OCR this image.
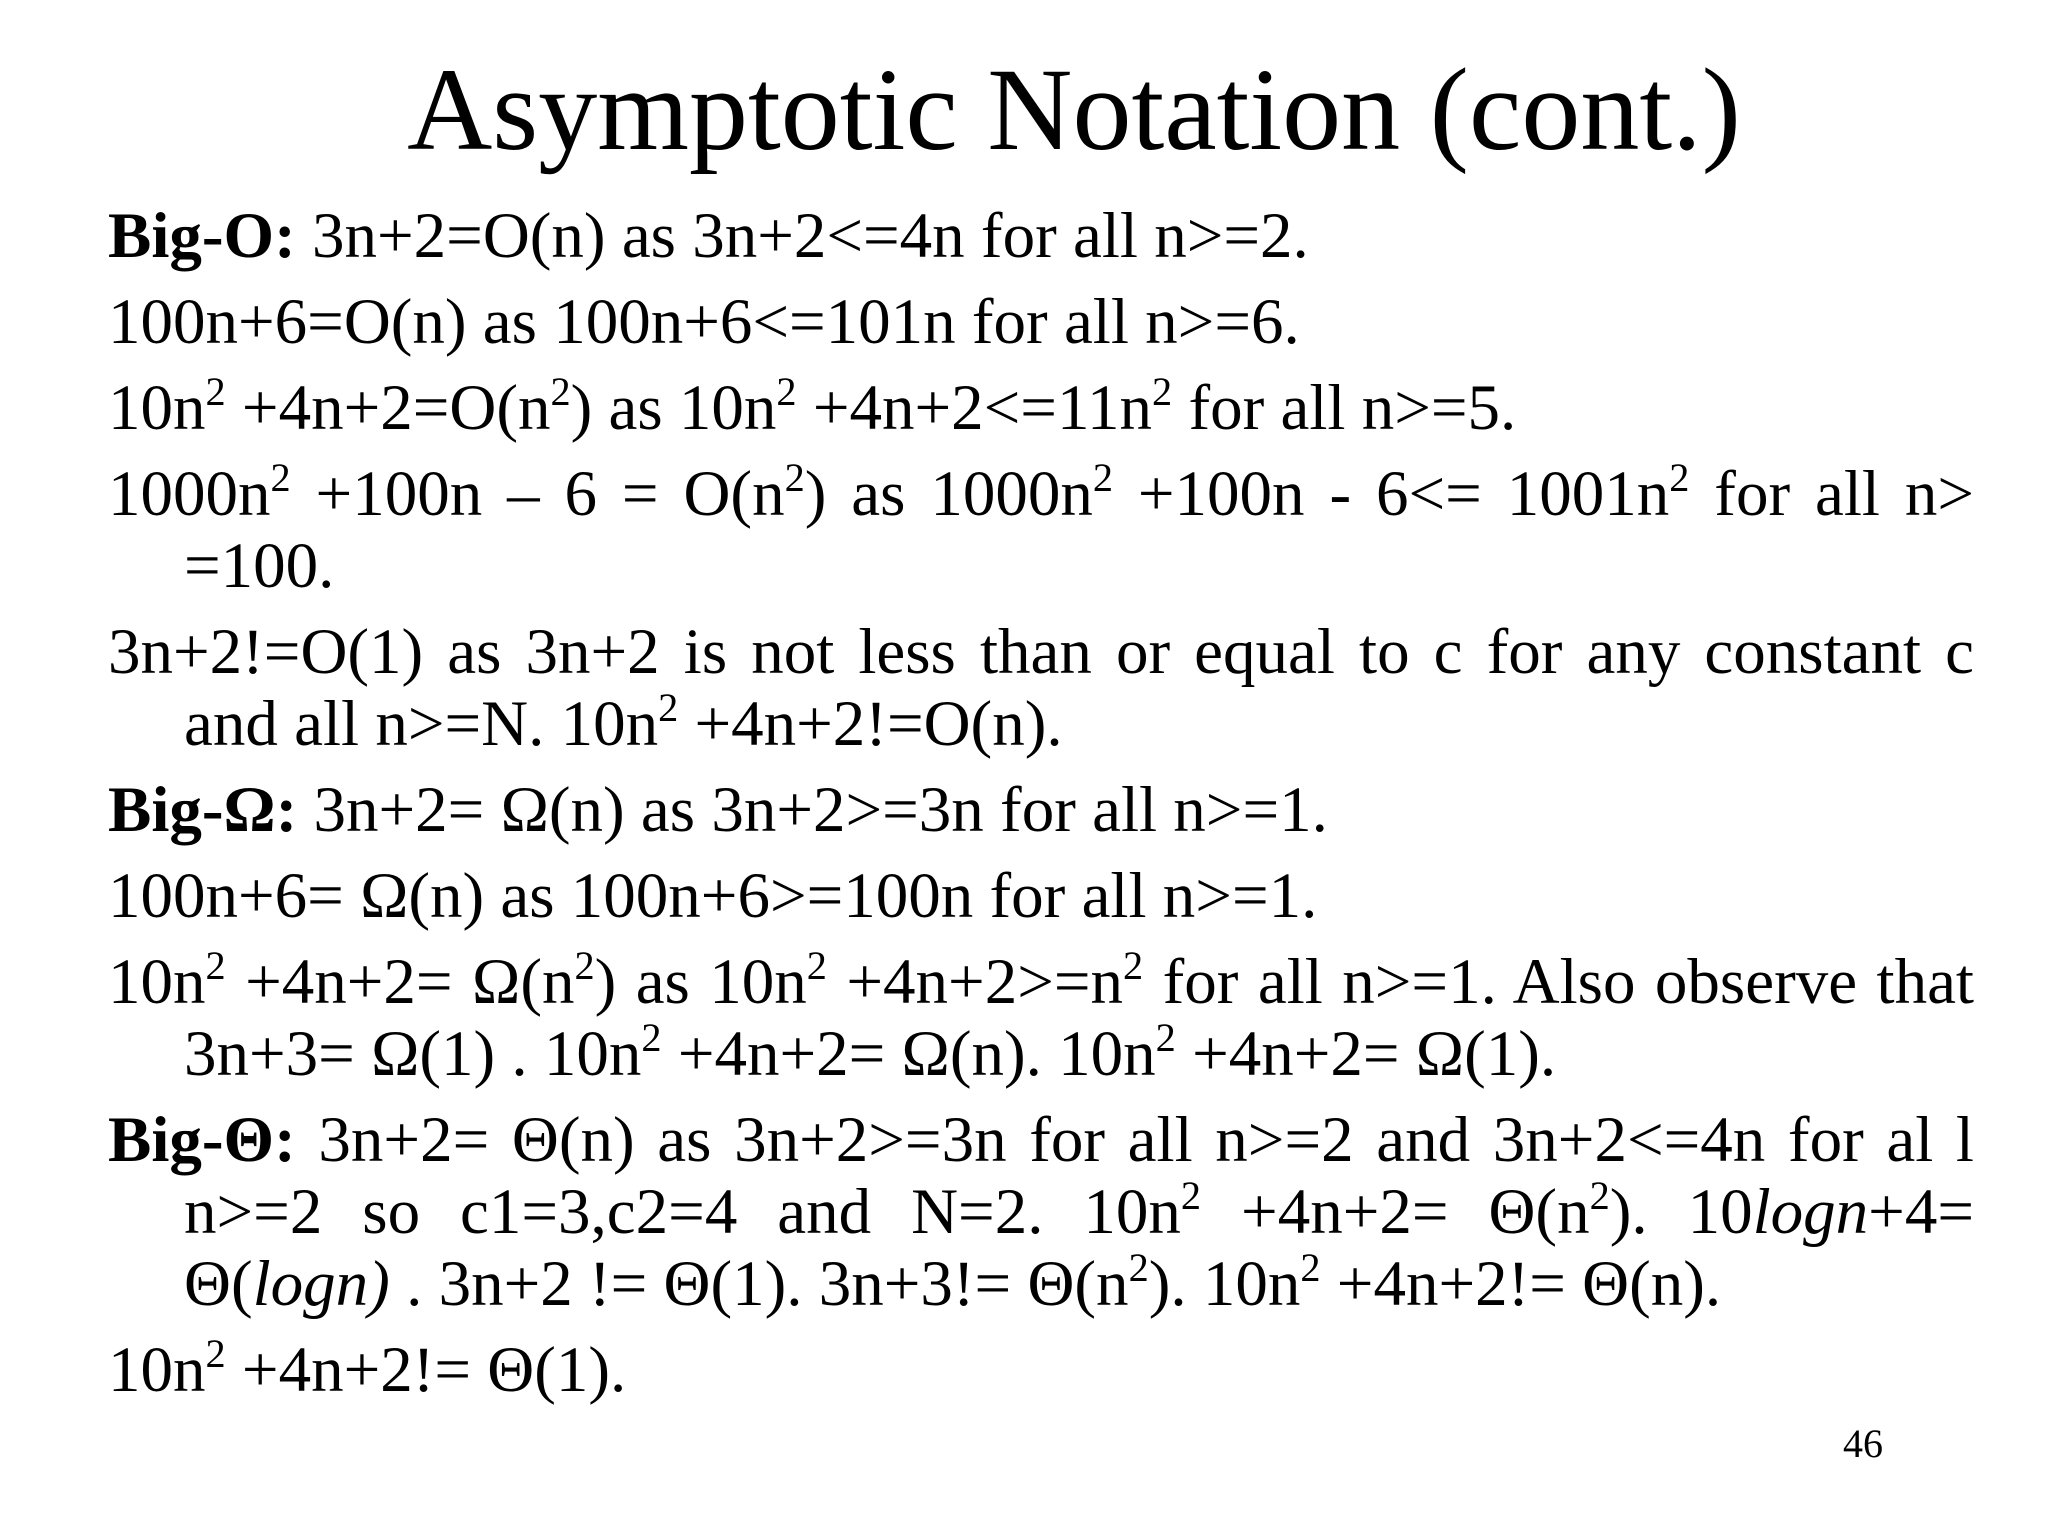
Asymptotic Notation (cont.)

Big-O: 3n+2=O(n) as 3n+2<=4n for all n>=2.

100n+6=O(n) as 100n+6<=101n for all n>=6.

$10n^2 +4n+2=O(n^2)$ as $10n^2 +4n+2<=11n^2$ for all n>=5.

$1000n^2 +100n - 6 = O(n^2)$ as $1000n^2 +100n - 6<= 1001n^2$ for all n> =100.

3n+2!=O(1) as 3n+2 is not less than or equal to c for any constant c and all n>=N. $10n^2 +4n+2!=O(n)$.

Big-Ω: 3n+2= Ω(n) as 3n+2>=3n for all n>=1.

100n+6= Ω(n) as 100n+6>=100n for all n>=1.

$10n^2 +4n+2= \Omega(n^2)$ as $10n^2 +4n+2>=n^2$ for all n>=1. Also observe that 3n+3= Ω(1) . $10n^2 +4n+2= \Omega(n)$. $10n^2 +4n+2= \Omega(1)$.

Big-Θ: 3n+2= Θ(n) as 3n+2>=3n for all n>=2 and 3n+2<=4n for al l n>=2 so c1=3,c2=4 and N=2. $10n^2 +4n+2= \Theta(n^2)$. 10logn+4= Θ(logn) . 3n+2 != Θ(1). $3n+3!= \Theta(n^2)$. $10n^2 +4n+2!= \Theta(n)$.

$10n^2 +4n+2!= \Theta(1)$.

46
